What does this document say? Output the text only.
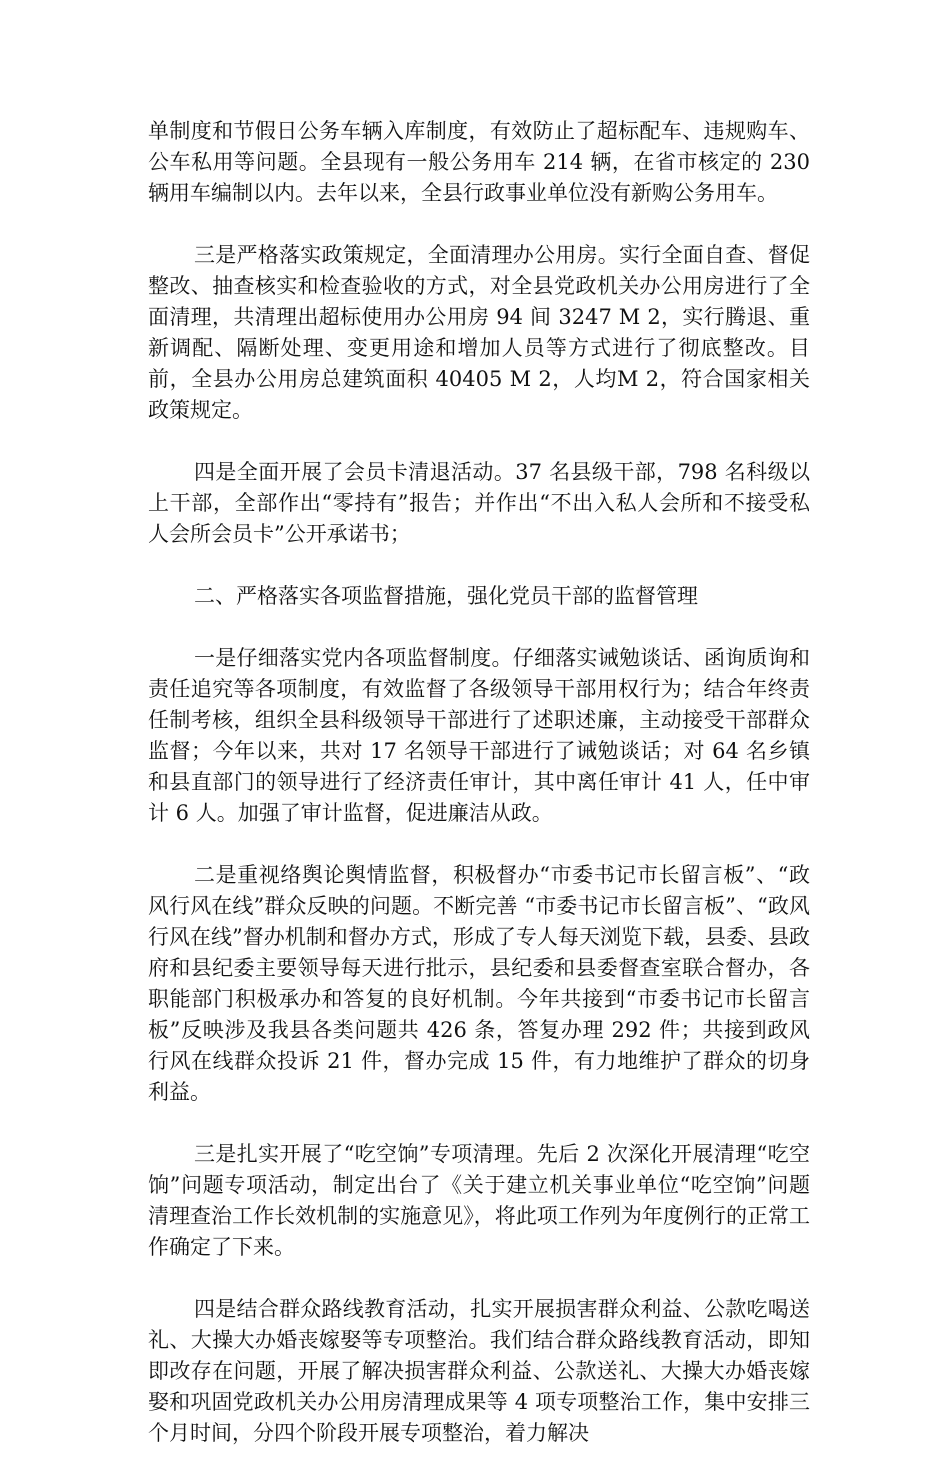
单制度和节假日公务车辆入库制度，有效防止了超标配车、违规购车、公车私用等问题。全县现有一般公务用车 214 辆，在省市核定的 230 辆用车编制以内。去年以来，全县行政事业单位没有新购公务用车。

三是严格落实政策规定，全面清理办公用房。实行全面自查、督促整改、抽查核实和检查验收的方式，对全县党政机关办公用房进行了全面清理，共清理出超标使用办公用房 94 间 3247 M 2，实行腾退、重新调配、隔断处理、变更用途和增加人员等方式进行了彻底整改。目前，全县办公用房总建筑面积 40405 M 2，人均M 2，符合国家相关政策规定。

四是全面开展了会员卡清退活动。37 名县级干部，798 名科级以上干部，全部作出“零持有”报告；并作出“不出入私人会所和不接受私人会所会员卡”公开承诺书；

二、严格落实各项监督措施，强化党员干部的监督管理

一是仔细落实党内各项监督制度。仔细落实诫勉谈话、函询质询和责任追究等各项制度，有效监督了各级领导干部用权行为；结合年终责任制考核，组织全县科级领导干部进行了述职述廉，主动接受干部群众监督；今年以来，共对 17 名领导干部进行了诫勉谈话；对 64 名乡镇和县直部门的领导进行了经济责任审计，其中离任审计 41 人，任中审计 6 人。加强了审计监督，促进廉洁从政。

二是重视络舆论舆情监督，积极督办“市委书记市长留言板”、“政风行风在线”群众反映的问题。不断完善 “市委书记市长留言板”、“政风行风在线”督办机制和督办方式，形成了专人每天浏览下载，县委、县政府和县纪委主要领导每天进行批示，县纪委和县委督查室联合督办，各职能部门积极承办和答复的良好机制。今年共接到“市委书记市长留言板”反映涉及我县各类问题共 426 条，答复办理 292 件；共接到政风行风在线群众投诉 21 件，督办完成 15 件，有力地维护了群众的切身利益。

三是扎实开展了“吃空饷”专项清理。先后 2 次深化开展清理“吃空饷”问题专项活动，制定出台了《关于建立机关事业单位“吃空饷”问题清理查治工作长效机制的实施意见》，将此项工作列为年度例行的正常工作确定了下来。

四是结合群众路线教育活动，扎实开展损害群众利益、公款吃喝送礼、大操大办婚丧嫁娶等专项整治。我们结合群众路线教育活动，即知即改存在问题，开展了解决损害群众利益、公款送礼、大操大办婚丧嫁娶和巩固党政机关办公用房清理成果等 4 项专项整治工作，集中安排三个月时间，分四个阶段开展专项整治，着力解决
